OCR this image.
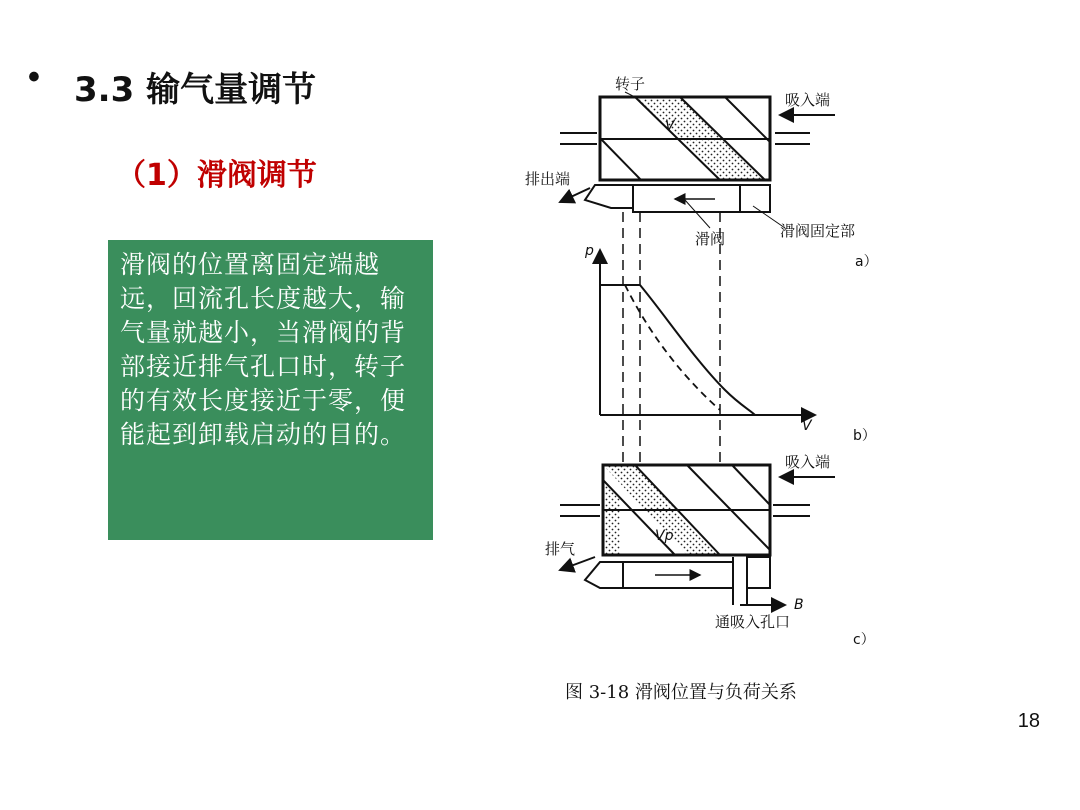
• 3.3 输气量调节
（1）滑阀调节
滑阀的位置离固定端越远，回流孔长度越大，输气量就越小，当滑阀的背部接近排气孔口时，转子的有效长度接近于零，便能起到卸载启动的目的。
转子
V
吸入端
排出端
滑阀	滑阀固定部
a）
p
V
b）
吸入端
Vp
排气
B
通吸入孔口
c）
图 3-18 滑阀位置与负荷关系
18
